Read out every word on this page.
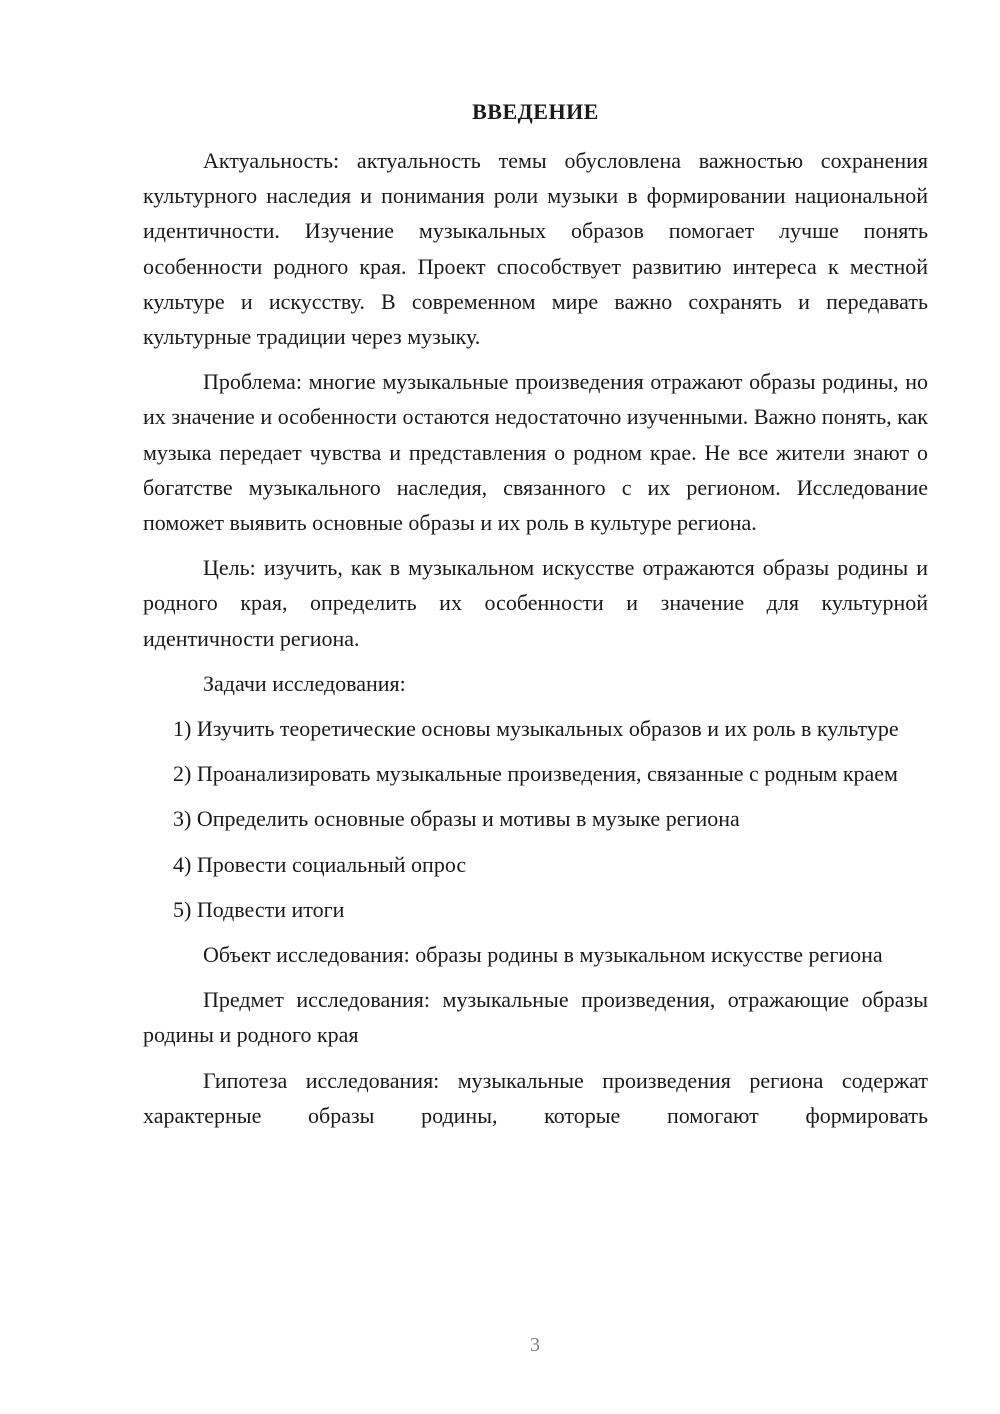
ВВЕДЕНИЕ

Актуальность: актуальность темы обусловлена важностью сохранения культурного наследия и понимания роли музыки в формировании национальной идентичности. Изучение музыкальных образов помогает лучше понять особенности родного края. Проект способствует развитию интереса к местной культуре и искусству. В современном мире важно сохранять и передавать культурные традиции через музыку.

Проблема: многие музыкальные произведения отражают образы родины, но их значение и особенности остаются недостаточно изученными. Важно понять, как музыка передает чувства и представления о родном крае. Не все жители знают о богатстве музыкального наследия, связанного с их регионом. Исследование поможет выявить основные образы и их роль в культуре региона.

Цель: изучить, как в музыкальном искусстве отражаются образы родины и родного края, определить их особенности и значение для культурной идентичности региона.

Задачи исследования:

1) Изучить теоретические основы музыкальных образов и их роль в культуре

2) Проанализировать музыкальные произведения, связанные с родным краем

3) Определить основные образы и мотивы в музыке региона

4) Провести социальный опрос

5) Подвести итоги

Объект исследования: образы родины в музыкальном искусстве региона

Предмет исследования: музыкальные произведения, отражающие образы родины и родного края

Гипотеза исследования: музыкальные произведения региона содержат характерные образы родины, которые помогают формировать

3
